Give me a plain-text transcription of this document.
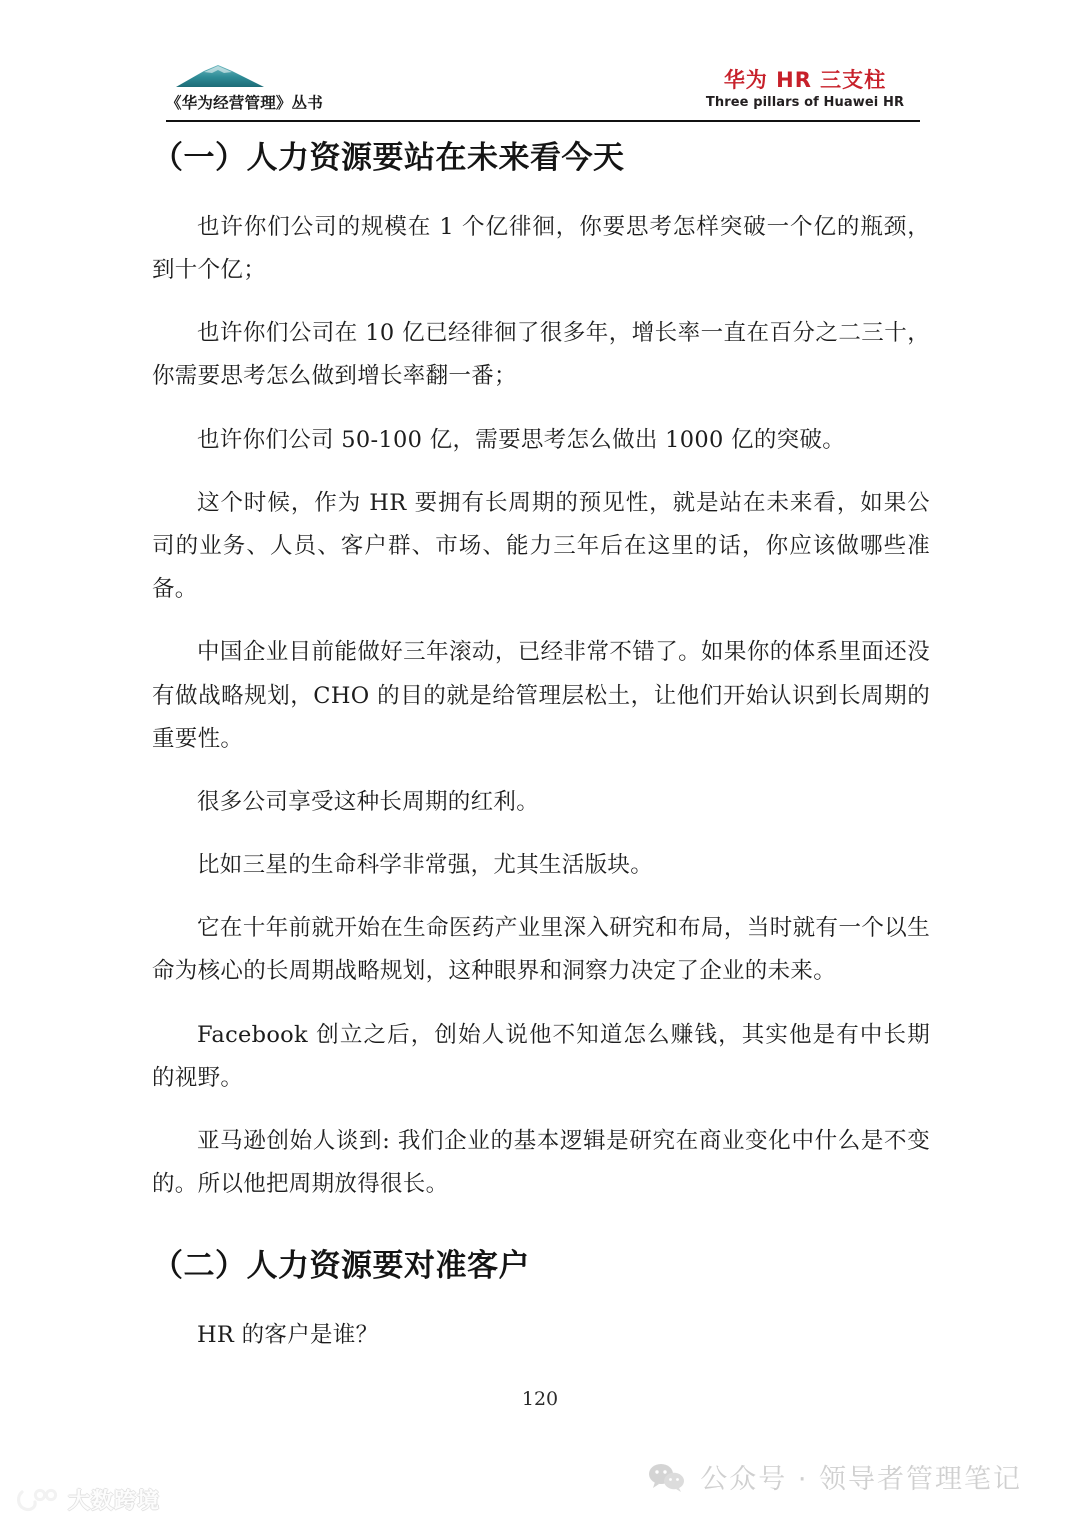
《华为经营管理》丛书
华为 HR 三支柱
Three pillars of Huawei HR
（一）人力资源要站在未来看今天

也许你们公司的规模在 1 个亿徘徊，你要思考怎样突破一个亿的瓶颈，到十个亿；

也许你们公司在 10 亿已经徘徊了很多年，增长率一直在百分之二三十，你需要思考怎么做到增长率翻一番；

也许你们公司 50-100 亿，需要思考怎么做出 1000 亿的突破。

这个时候，作为 HR 要拥有长周期的预见性，就是站在未来看，如果公司的业务、人员、客户群、市场、能力三年后在这里的话，你应该做哪些准备。

中国企业目前能做好三年滚动，已经非常不错了。如果你的体系里面还没有做战略规划，CHO 的目的就是给管理层松土，让他们开始认识到长周期的重要性。

很多公司享受这种长周期的红利。

比如三星的生命科学非常强，尤其生活版块。

它在十年前就开始在生命医药产业里深入研究和布局，当时就有一个以生命为核心的长周期战略规划，这种眼界和洞察力决定了企业的未来。

Facebook 创立之后，创始人说他不知道怎么赚钱，其实他是有中长期的视野。

亚马逊创始人谈到: 我们企业的基本逻辑是研究在商业变化中什么是不变的。所以他把周期放得很长。

（二）人力资源要对准客户

HR 的客户是谁？

120
公众号 · 领导者管理笔记
大数跨境
